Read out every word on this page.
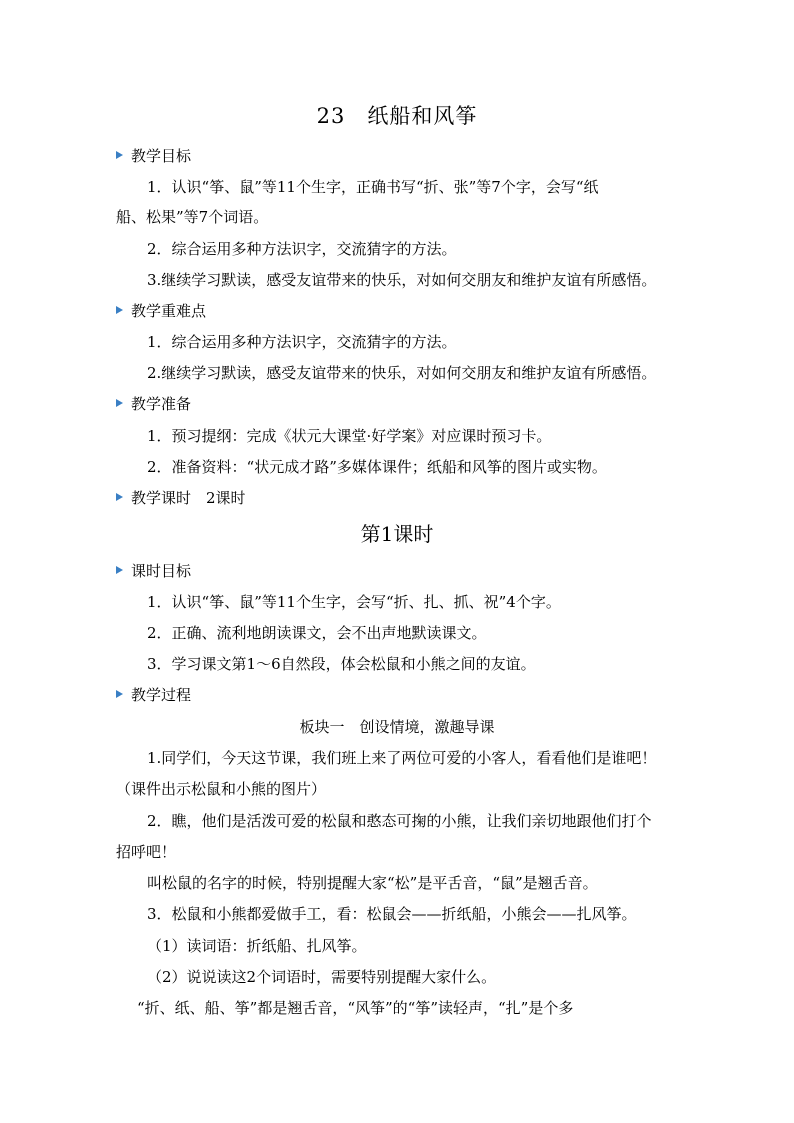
23　纸船和风筝
教学目标
1．认识“筝、鼠”等11个生字，正确书写“折、张”等7个字，会写“纸
船、松果”等7个词语。
2．综合运用多种方法识字，交流猜字的方法。
3.继续学习默读，感受友谊带来的快乐，对如何交朋友和维护友谊有所感悟。
教学重难点
1．综合运用多种方法识字，交流猜字的方法。
2.继续学习默读，感受友谊带来的快乐，对如何交朋友和维护友谊有所感悟。
教学准备
1．预习提纲：完成《状元大课堂·好学案》对应课时预习卡。
2．准备资料：“状元成才路”多媒体课件；纸船和风筝的图片或实物。
教学课时　2课时
第1课时
课时目标
1．认识“筝、鼠”等11个生字，会写“折、扎、抓、祝”4个字。
2．正确、流利地朗读课文，会不出声地默读课文。
3．学习课文第1～6自然段，体会松鼠和小熊之间的友谊。
教学过程
板块一　创设情境，激趣导课
1.同学们，今天这节课，我们班上来了两位可爱的小客人，看看他们是谁吧！
（课件出示松鼠和小熊的图片）
2．瞧，他们是活泼可爱的松鼠和憨态可掬的小熊，让我们亲切地跟他们打个
招呼吧！
叫松鼠的名字的时候，特别提醒大家“松”是平舌音，“鼠”是翘舌音。
3．松鼠和小熊都爱做手工，看：松鼠会——折纸船，小熊会——扎风筝。
（1）读词语：折纸船、扎风筝。
（2）说说读这2个词语时，需要特别提醒大家什么。
“折、纸、船、筝”都是翘舌音，“风筝”的“筝”读轻声，“扎”是个多
